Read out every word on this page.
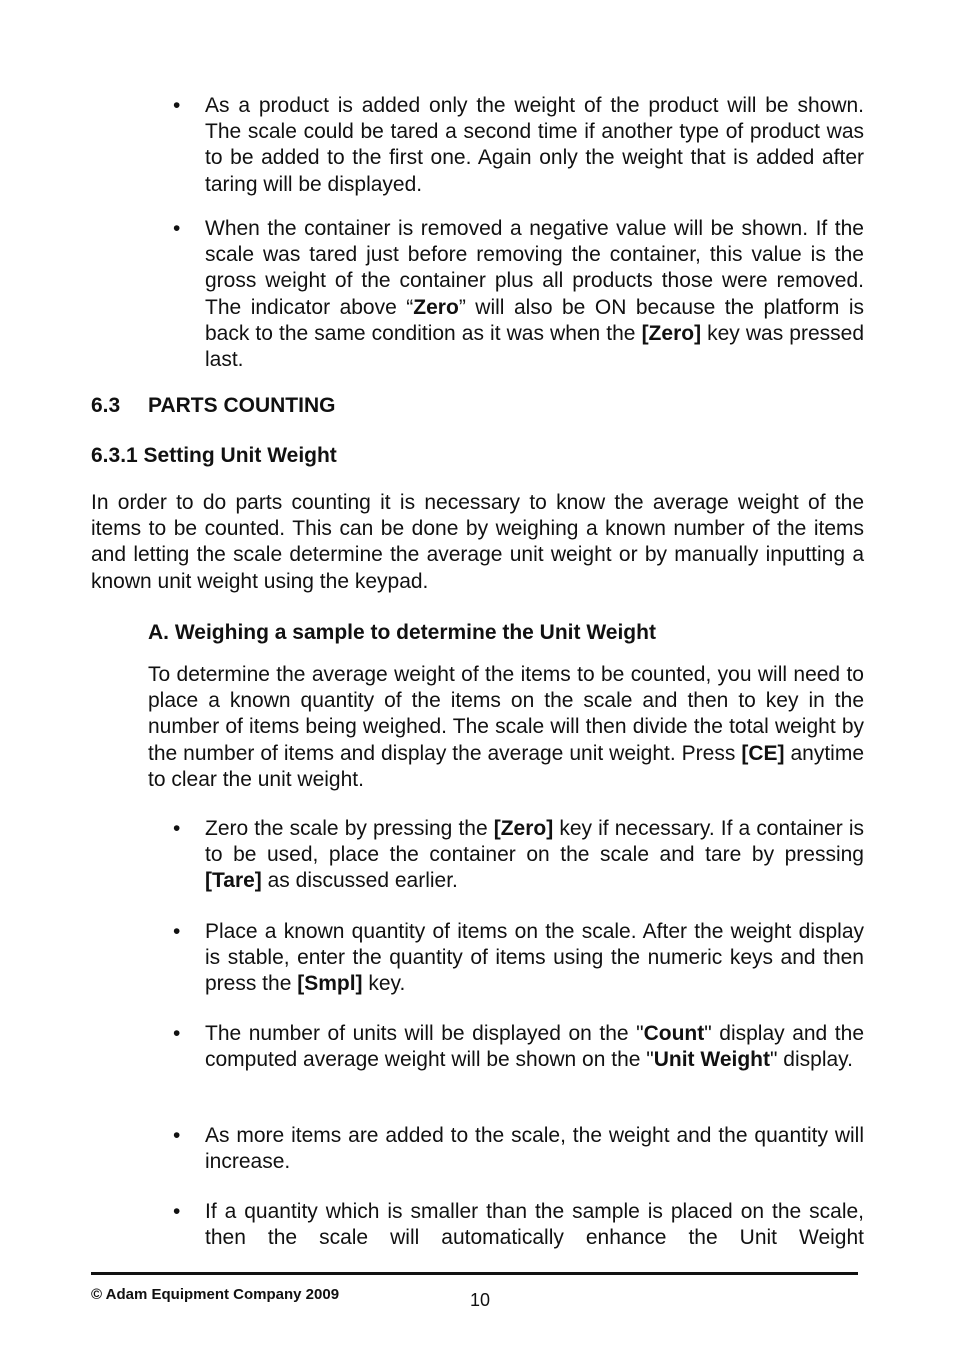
• As a product is added only the weight of the product will be shown. The scale could be tared a second time if another type of product was to be added to the first one. Again only the weight that is added after taring will be displayed.

• When the container is removed a negative value will be shown. If the scale was tared just before removing the container, this value is the gross weight of the container plus all products those were removed. The indicator above “Zero” will also be ON because the platform is back to the same condition as it was when the [Zero] key was pressed last.

6.3 PARTS COUNTING
6.3.1 Setting Unit Weight

In order to do parts counting it is necessary to know the average weight of the items to be counted. This can be done by weighing a known number of the items and letting the scale determine the average unit weight or by manually inputting a known unit weight using the keypad.

A. Weighing a sample to determine the Unit Weight

To determine the average weight of the items to be counted, you will need to place a known quantity of the items on the scale and then to key in the number of items being weighed. The scale will then divide the total weight by the number of items and display the average unit weight. Press [CE] anytime to clear the unit weight.

• Zero the scale by pressing the [Zero] key if necessary. If a container is to be used, place the container on the scale and tare by pressing [Tare] as discussed earlier.

• Place a known quantity of items on the scale. After the weight display is stable, enter the quantity of items using the numeric keys and then press the [Smpl] key.

• The number of units will be displayed on the "Count" display and the computed average weight will be shown on the "Unit Weight" display.

• As more items are added to the scale, the weight and the quantity will increase.

• If a quantity which is smaller than the sample is placed on the scale, then the scale will automatically enhance the Unit Weight

© Adam Equipment Company 2009	10
